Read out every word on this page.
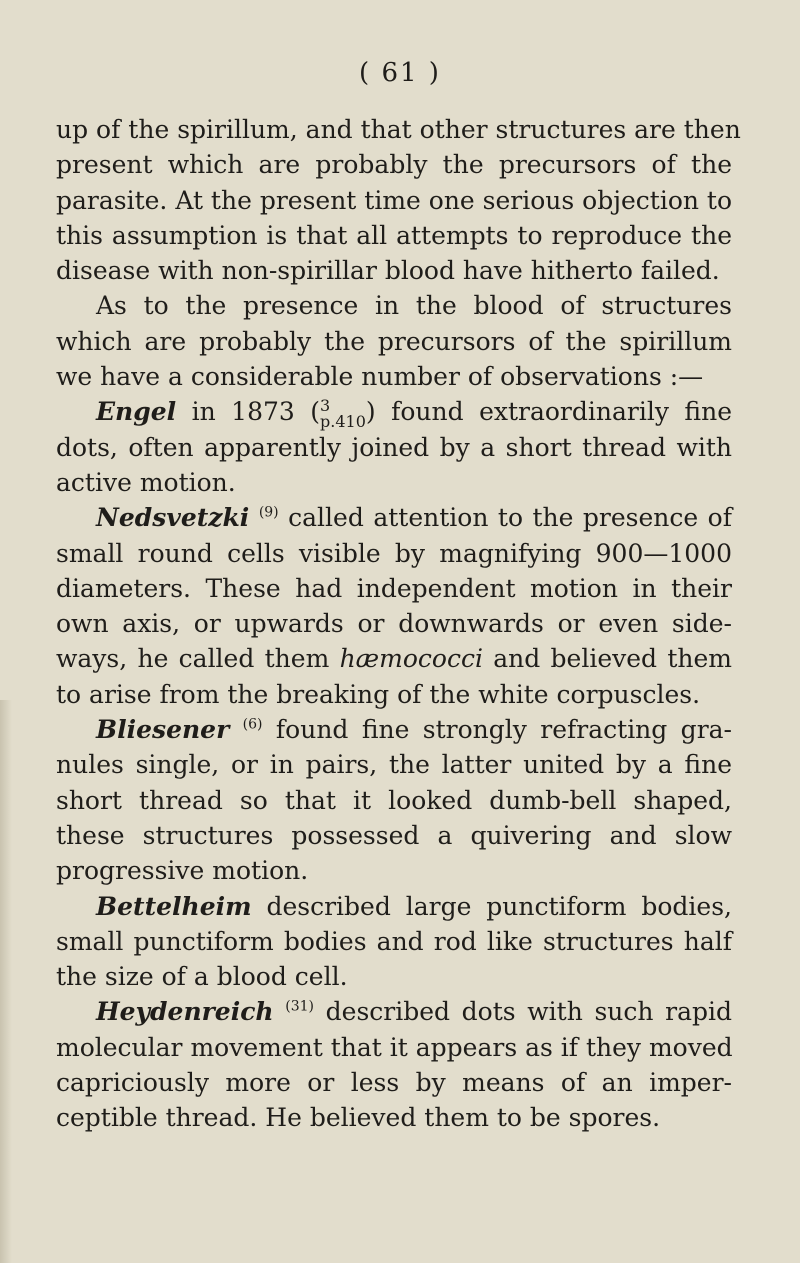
( 61 )
up of the spirillum, and that other structures are then
present which are probably the precursors of the
parasite. At the present time one serious objection to
this assumption is that all attempts to reproduce the
disease with non-spirillar blood have hitherto failed.
As to the presence in the blood of structures
which are probably the precursors of the spirillum
we have a considerable number of observations :—
Engel in 1873 (3
p.410) found extraordinarily fine
dots, often apparently joined by a short thread with
active motion.
Nedsvetzki $^{(9)}$ called attention to the presence of
small round cells visible by magnifying 900—1000
diameters. These had independent motion in their
own axis, or upwards or downwards or even side-
ways, he called them hæmococci and believed them
to arise from the breaking of the white corpuscles.
Bliesener $^{(6)}$ found fine strongly refracting gra-
nules single, or in pairs, the latter united by a fine
short thread so that it looked dumb-bell shaped,
these structures possessed a quivering and slow
progressive motion.
Bettelheim described large punctiform bodies,
small punctiform bodies and rod like structures half
the size of a blood cell.
Heydenreich $^{(31)}$ described dots with such rapid
molecular movement that it appears as if they moved
capriciously more or less by means of an imper-
ceptible thread. He believed them to be spores.
